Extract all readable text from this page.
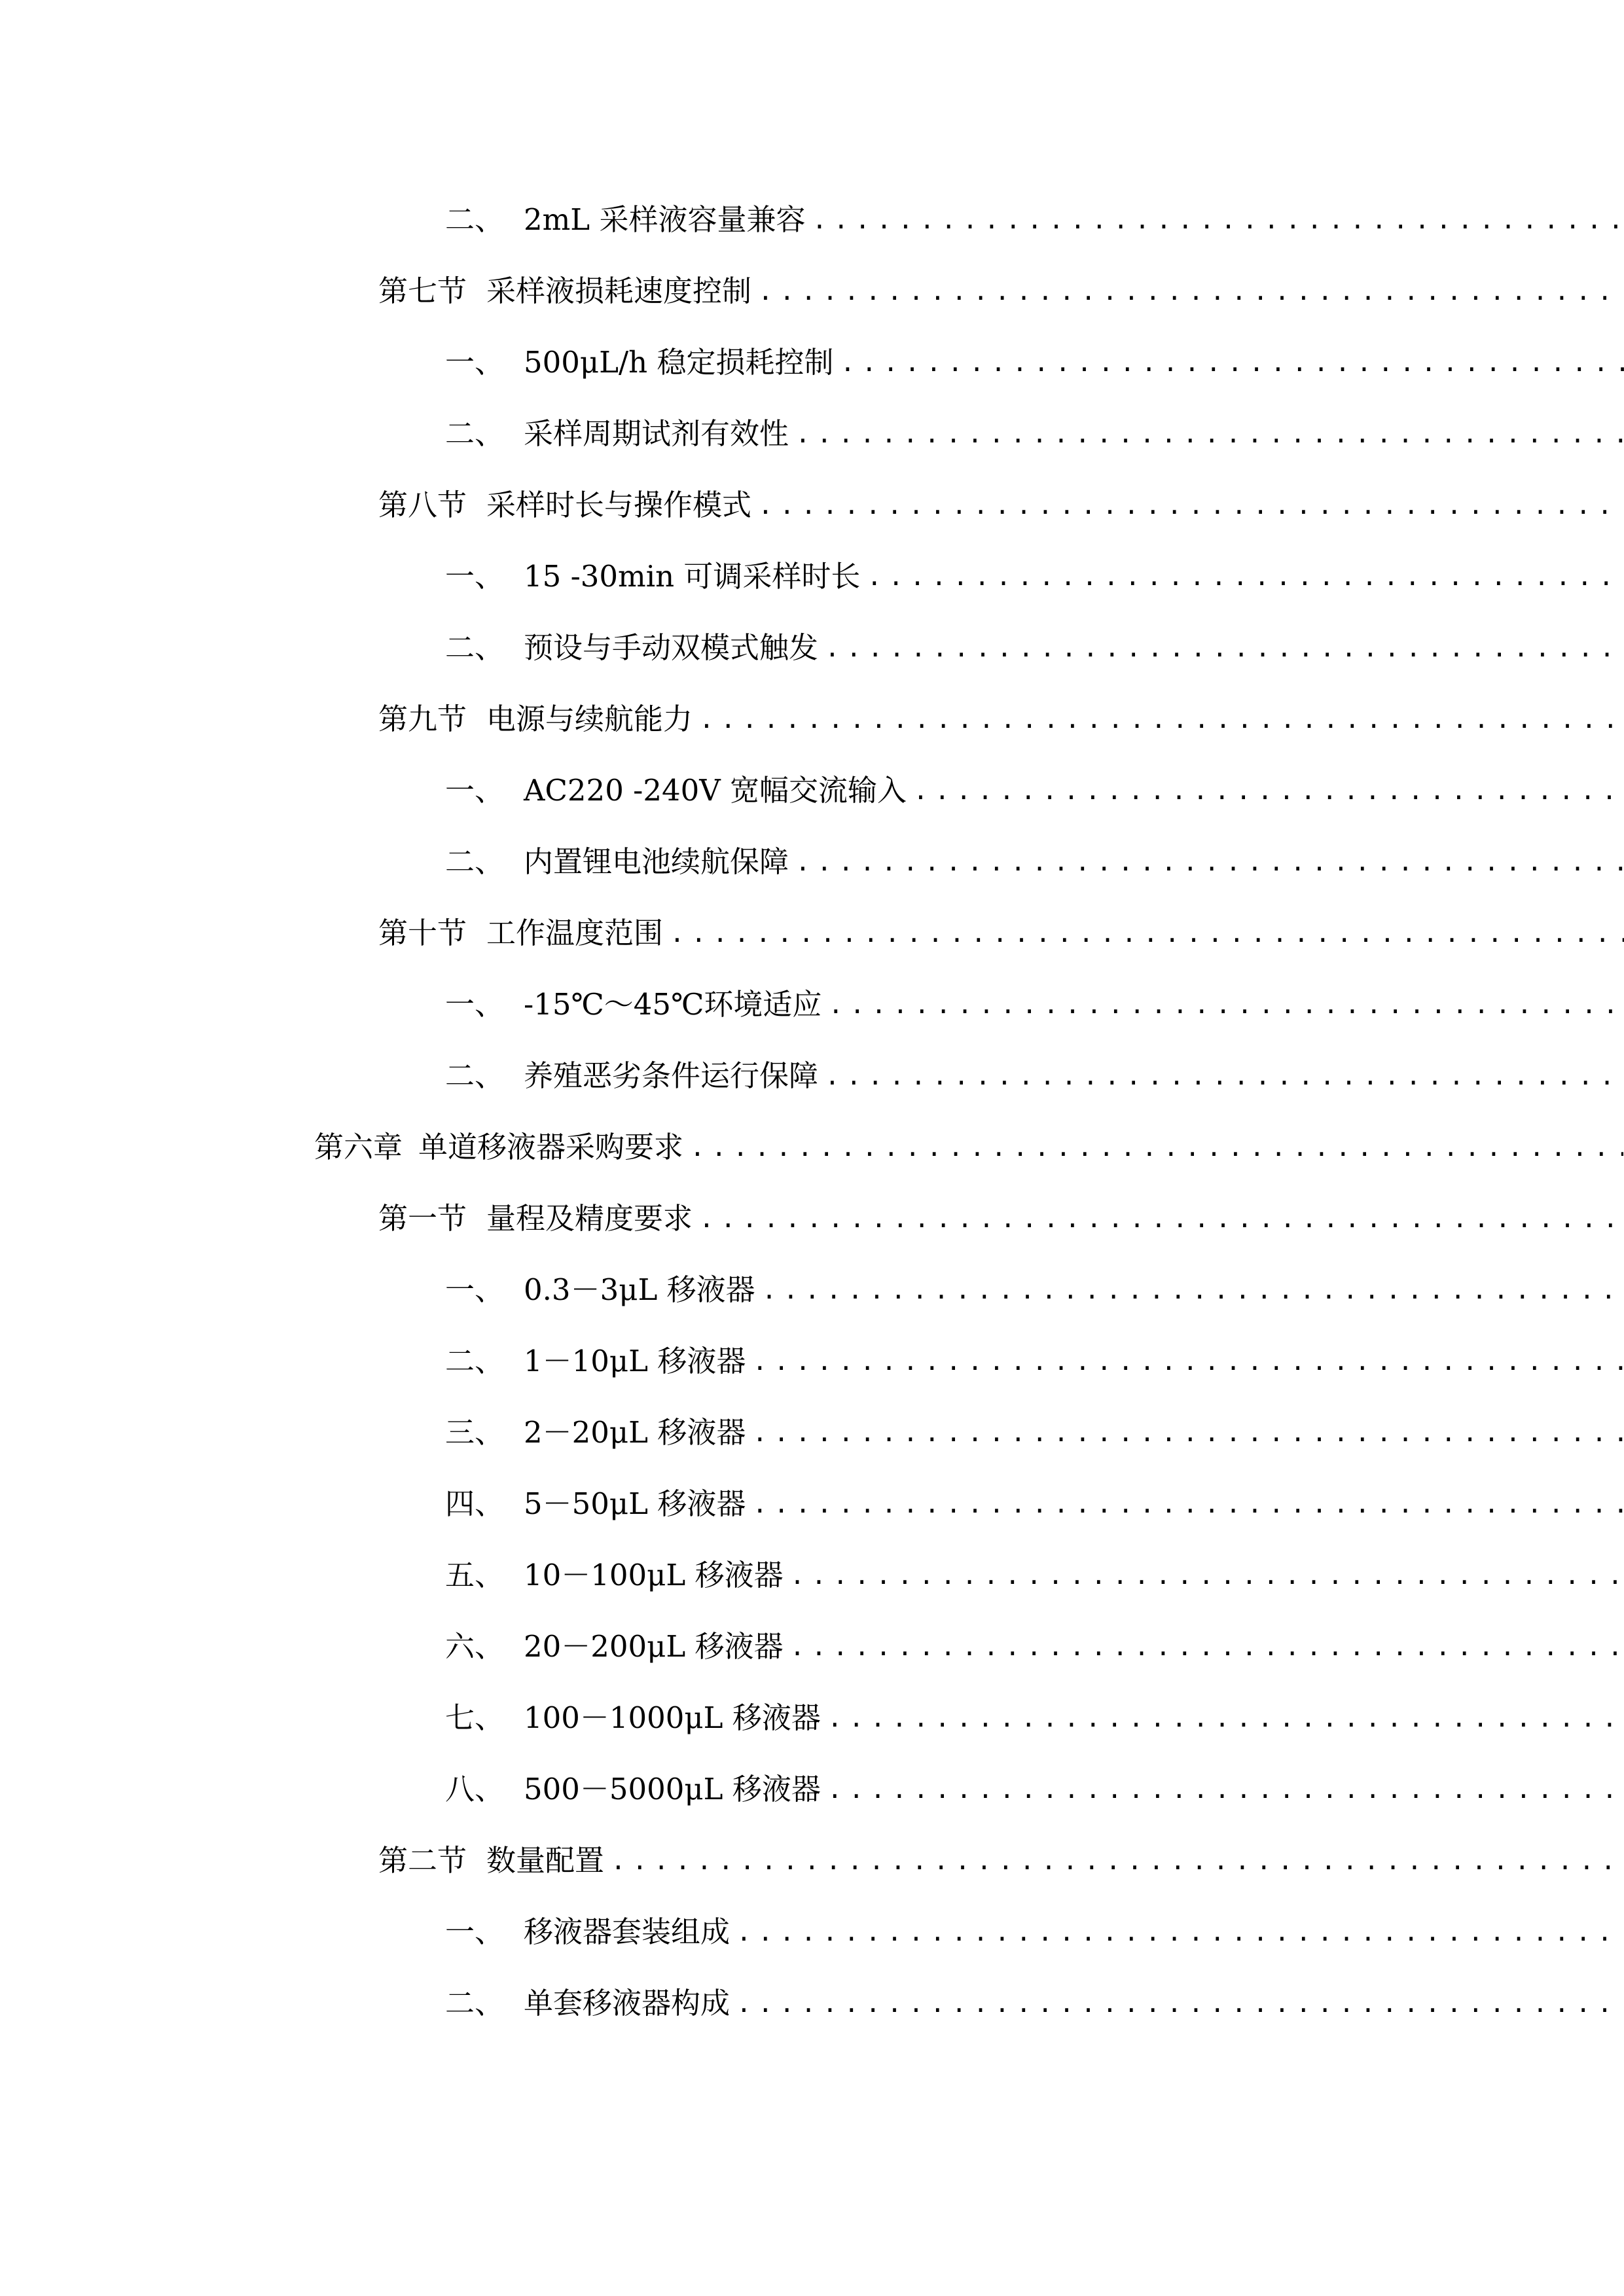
二、 2mL 采样液容量兼容
.....
第七节 采样液损耗速度控制
.....
一、 500μL/h 稳定损耗控制
.....
二、 采样周期试剂有效性
.....
第八节 采样时长与操作模式
.....
一、 15 -30min 可调采样时长
.....
二、 预设与手动双模式触发
.....
第九节 电源与续航能力
.....
一、 AC220 -240V 宽幅交流输入
.....
二、 内置锂电池续航保障
.....
第十节 工作温度范围
.....
一、 -15℃～45℃环境适应
.....
二、 养殖恶劣条件运行保障
.....
第六章 单道移液器采购要求
.....
第一节 量程及精度要求
.....
一、 0.3－3μL 移液器
.....
二、 1－10μL 移液器
.....
三、 2－20μL 移液器
.....
四、 5－50μL 移液器
.....
五、 10－100μL 移液器
.....
六、 20－200μL 移液器
.....
七、 100－1000μL 移液器
.....
八、 500－5000μL 移液器
.....
第二节 数量配置
.....
一、 移液器套装组成
.....
二、 单套移液器构成
.....
